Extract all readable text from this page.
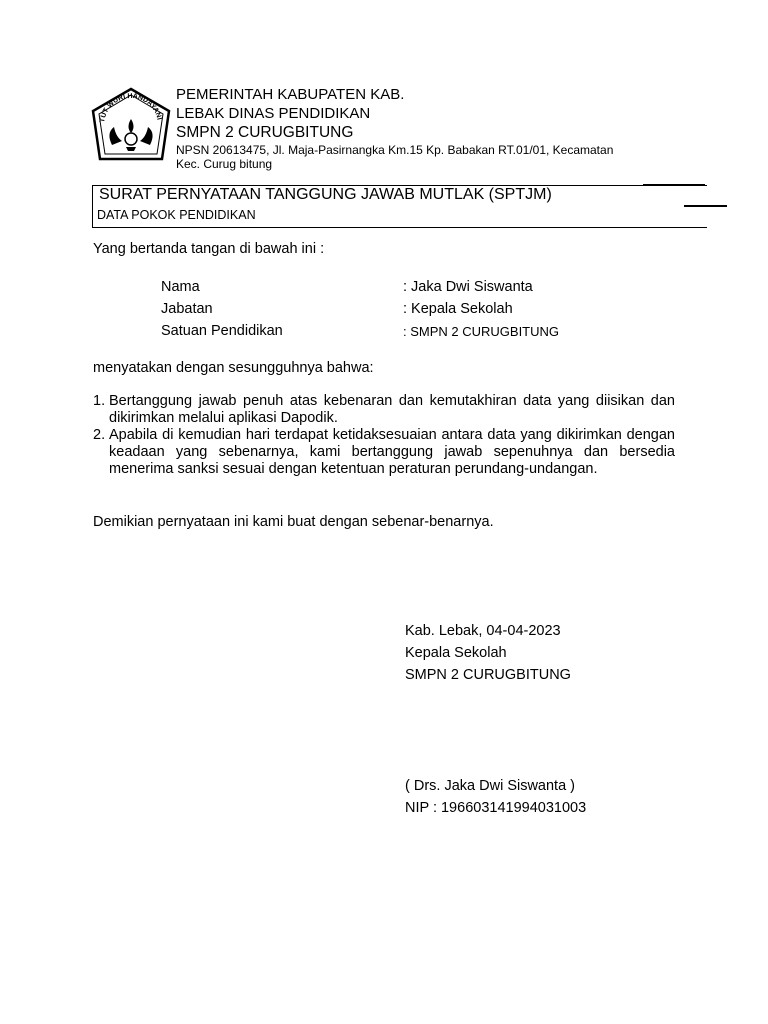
TUT WURI HANDAYANI
PEMERINTAH KABUPATEN KAB.
LEBAK DINAS PENDIDIKAN
SMPN 2 CURUGBITUNG
NPSN 20613475, Jl. Maja-Pasirnangka Km.15 Kp. Babakan RT.01/01, Kecamatan
Kec. Curug bitung
SURAT PERNYATAAN TANGGUNG JAWAB MUTLAK (SPTJM)
DATA POKOK PENDIDIKAN
Yang bertanda tangan di bawah ini :
Nama	: Jaka Dwi Siswanta
Jabatan	: Kepala Sekolah
Satuan Pendidikan	: SMPN 2 CURUGBITUNG
menyatakan dengan sesungguhnya bahwa:
1. Bertanggung jawab penuh atas kebenaran dan kemutakhiran data yang diisikan dan dikirimkan melalui aplikasi Dapodik.
2. Apabila di kemudian hari terdapat ketidaksesuaian antara data yang dikirimkan dengan keadaan yang sebenarnya, kami bertanggung jawab sepenuhnya dan bersedia menerima sanksi sesuai dengan ketentuan peraturan perundang-undangan.
Demikian pernyataan ini kami buat dengan sebenar-benarnya.
Kab. Lebak, 04-04-2023
Kepala Sekolah
SMPN 2 CURUGBITUNG
( Drs. Jaka Dwi Siswanta )
NIP : 196603141994031003
